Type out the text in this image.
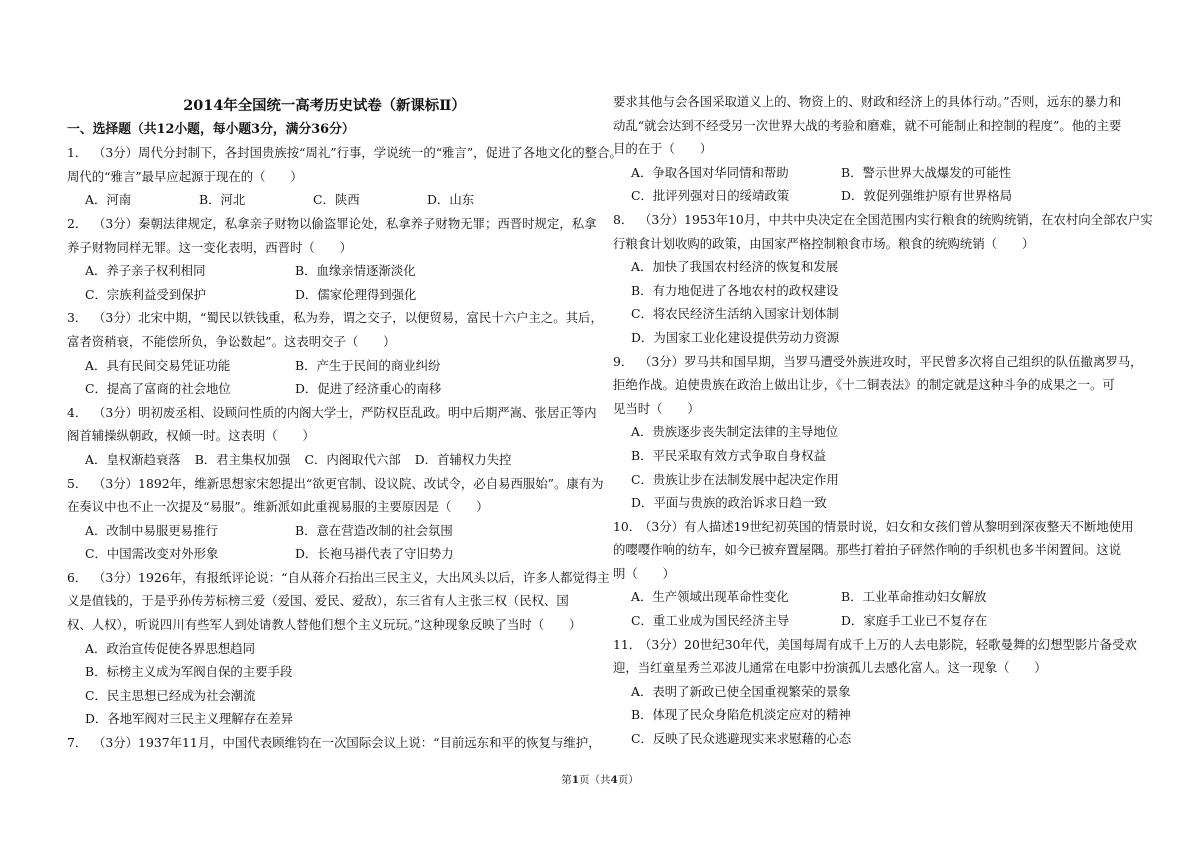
2014年全国统一高考历史试卷（新课标Ⅱ）

一、选择题（共12小题，每小题3分，满分36分）

1． （3分）周代分封制下，各封国贵族按“周礼”行事，学说统一的“雅言”，促进了各地文化的整合。

周代的“雅言”最早应起源于现在的（　　）

A．河南	B．河北	C．陕西	D．山东

2． （3分）秦朝法律规定，私拿亲子财物以偷盗罪论处，私拿养子财物无罪；西晋时规定，私拿

养子财物同样无罪。这一变化表明，西晋时（　　）

A．养子亲子权利相同	B．血缘亲情逐渐淡化
C．宗族利益受到保护	D．儒家伦理得到强化

3． （3分）北宋中期，“蜀民以铁钱重，私为券，谓之交子，以便贸易，富民十六户主之。其后，

富者资稍衰，不能偿所负，争讼数起”。这表明交子（　　）

A．具有民间交易凭证功能	B．产生于民间的商业纠纷
C．提高了富商的社会地位	D．促进了经济重心的南移

4． （3分）明初废丞相、设顾问性质的内阁大学士，严防权臣乱政。明中后期严嵩、张居正等内

阁首辅操纵朝政，权倾一时。这表明（　　）

A．皇权渐趋衰落 B．君主集权加强 C．内阁取代六部 D．首辅权力失控

5． （3分）1892年，维新思想家宋恕提出“欲更官制、设议院、改试令，必自易西服始”。康有为

在奏议中也不止一次提及“易服”。维新派如此重视易服的主要原因是（　　）

A．改制中易服更易推行	B．意在营造改制的社会氛围
C．中国需改变对外形象	D．长袍马褂代表了守旧势力

6． （3分）1926年，有报纸评论说：“自从蒋介石抬出三民主义，大出风头以后，许多人都觉得主

义是值钱的，于是乎孙传芳标榜三爱（爱国、爱民、爱敌），东三省有人主张三权（民权、国

权、人权），听说四川有些军人到处请教人替他们想个主义玩玩。”这种现象反映了当时（　　）

A．政治宣传促使各界思想趋同

B．标榜主义成为军阀自保的主要手段

C．民主思想已经成为社会潮流

D．各地军阀对三民主义理解存在差异

7． （3分）1937年11月，中国代表顾维钧在一次国际会议上说：“目前远东和平的恢复与维护，

要求其他与会各国采取道义上的、物资上的、财政和经济上的具体行动。”否则，远东的暴力和

动乱“就会达到不经受另一次世界大战的考验和磨难，就不可能制止和控制的程度”。他的主要

目的在于（　　）

A．争取各国对华同情和帮助	B．警示世界大战爆发的可能性
C．批评列强对日的绥靖政策	D．敦促列强维护原有世界格局

8． （3分）1953年10月，中共中央决定在全国范围内实行粮食的统购统销，在农村向全部农户实

行粮食计划收购的政策，由国家严格控制粮食市场。粮食的统购统销（　　）

A．加快了我国农村经济的恢复和发展

B．有力地促进了各地农村的政权建设

C．将农民经济生活纳入国家计划体制

D．为国家工业化建设提供劳动力资源

9． （3分）罗马共和国早期，当罗马遭受外族进攻时，平民曾多次将自己组织的队伍撤离罗马，

拒绝作战。迫使贵族在政治上做出让步，《十二铜表法》的制定就是这种斗争的成果之一。可

见当时（　　）

A．贵族逐步丧失制定法律的主导地位

B．平民采取有效方式争取自身权益

C．贵族让步在法制发展中起决定作用

D．平面与贵族的政治诉求日趋一致

10．
（3分）有人描述19世纪初英国的情景时说，妇女和女孩们曾从黎明到深夜整天不断地使用

的嘤嘤作响的纺车，如今已被弃置屋隅。那些打着拍子砰然作响的手织机也多半闲置间。这说

明（　　）

A．生产领域出现革命性变化	B．工业革命推动妇女解放
C．重工业成为国民经济主导	D．家庭手工业已不复存在

11．
（3分）20世纪30年代，美国每周有成千上万的人去电影院，轻歌曼舞的幻想型影片备受欢

迎，当红童星秀兰邓波儿通常在电影中扮演孤儿去感化富人。这一现象（　　）

A．表明了新政已使全国重视繁荣的景象

B．体现了民众身陷危机淡定应对的精神

C．反映了民众逃避现实来求慰藉的心态

第1页（共4页）
